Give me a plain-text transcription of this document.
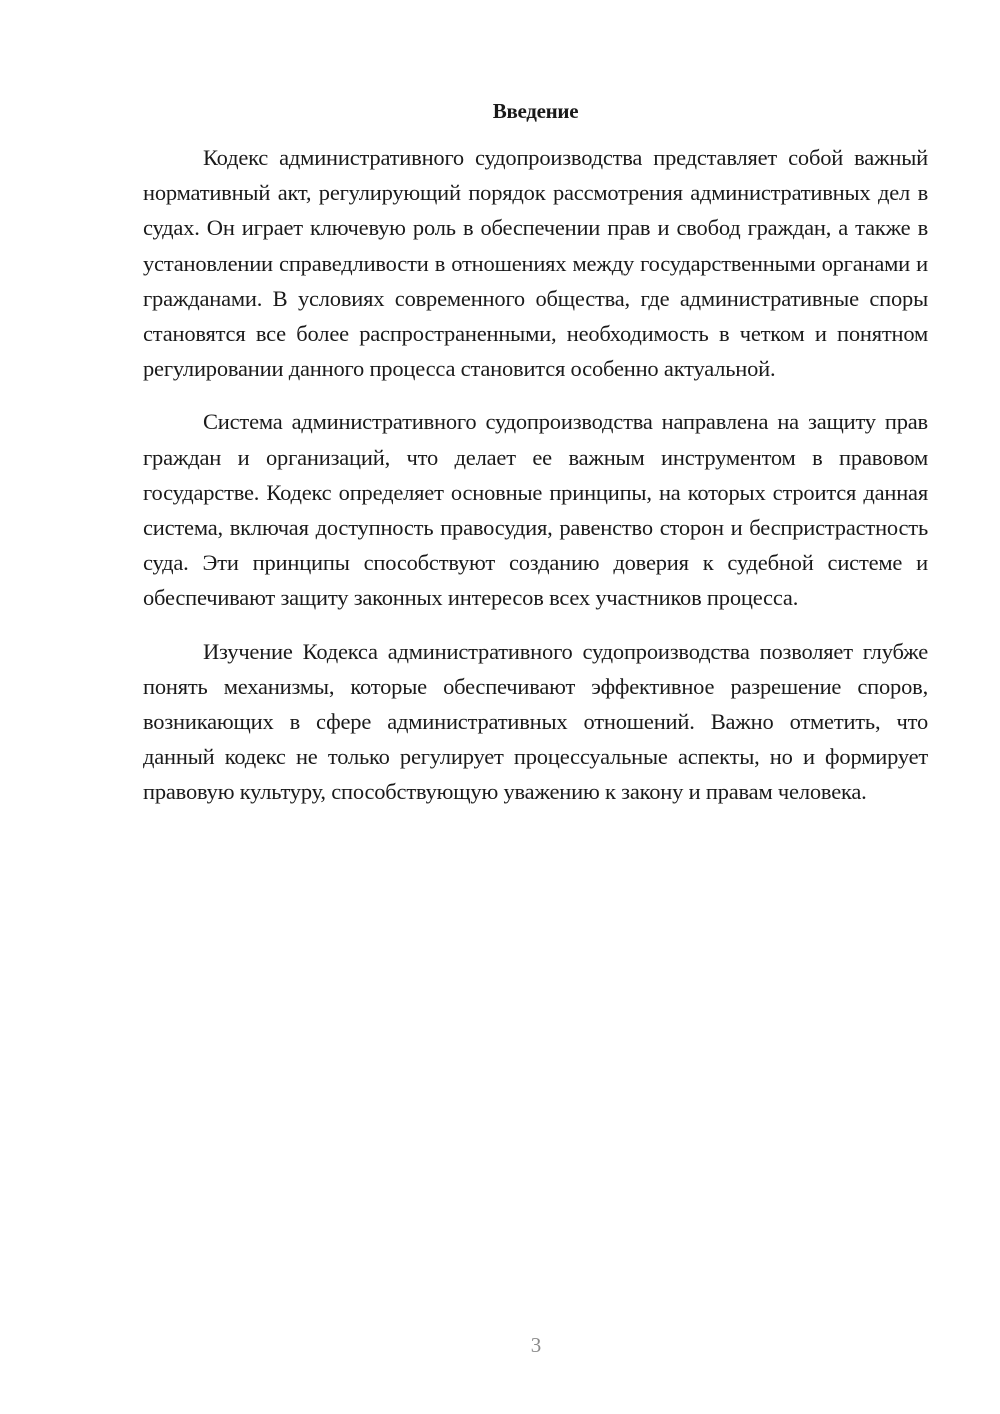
Введение

Кодекс административного судопроизводства представляет собой важный нормативный акт, регулирующий порядок рассмотрения административных дел в судах. Он играет ключевую роль в обеспечении прав и свобод граждан, а также в установлении справедливости в отношениях между государственными органами и гражданами. В условиях современного общества, где административные споры становятся все более распространенными, необходимость в четком и понятном регулировании данного процесса становится особенно актуальной.

Система административного судопроизводства направлена на защиту прав граждан и организаций, что делает ее важным инструментом в правовом государстве. Кодекс определяет основные принципы, на которых строится данная система, включая доступность правосудия, равенство сторон и беспристрастность суда. Эти принципы способствуют созданию доверия к судебной системе и обеспечивают защиту законных интересов всех участников процесса.

Изучение Кодекса административного судопроизводства позволяет глубже понять механизмы, которые обеспечивают эффективное разрешение споров, возникающих в сфере административных отношений. Важно отметить, что данный кодекс не только регулирует процессуальные аспекты, но и формирует правовую культуру, способствующую уважению к закону и правам человека.

3
